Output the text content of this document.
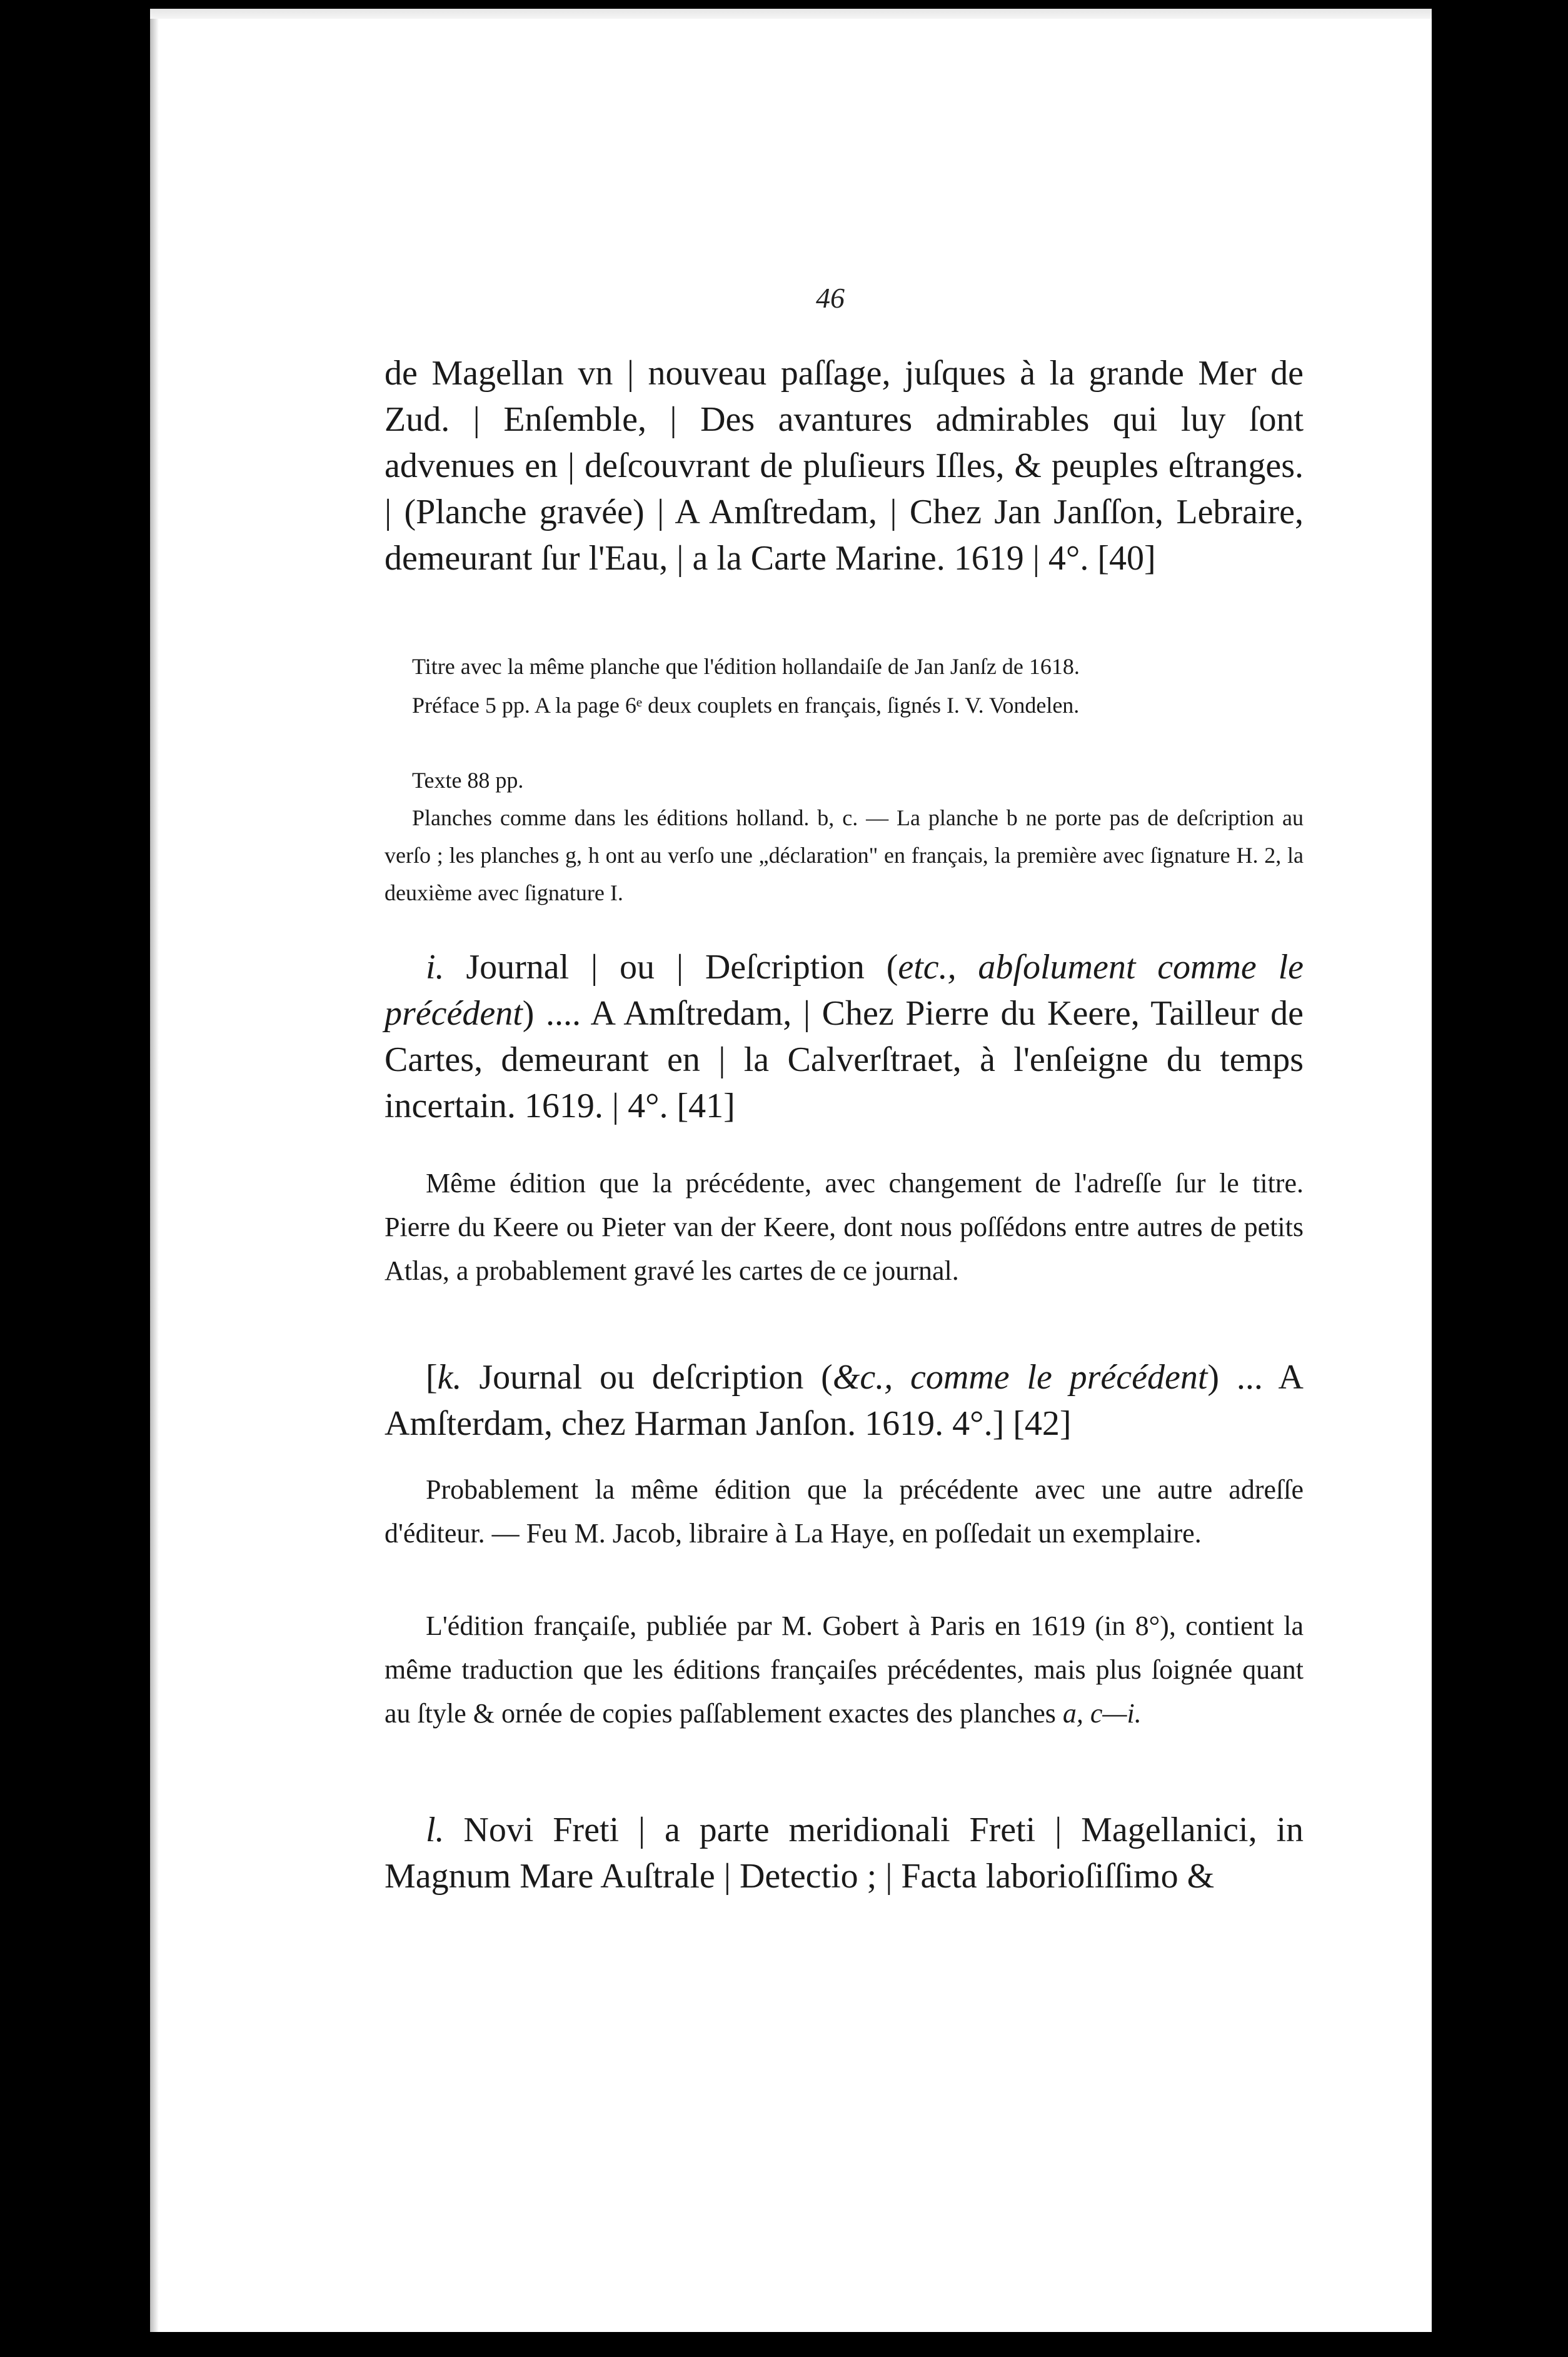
46

de Magellan vn | nouveau paſſage, juſques à la grande Mer de Zud. | Enſemble, | Des avantures admirables qui luy ſont advenues en | deſcouvrant de pluſieurs Iſles, & peuples eſtranges. | (Planche gravée) | A Amſtredam, | Chez Jan Janſſon, Lebraire, demeurant ſur l'Eau, | a la Carte Marine. 1619 | 4°. [40]

Titre avec la même planche que l'édition hollandaiſe de Jan Janſz de 1618.

Préface 5 pp. A la page 6ᵉ deux couplets en français, ſignés I. V. Vondelen.

Texte 88 pp.

Planches comme dans les éditions holland. b, c. — La planche b ne porte pas de deſcription au verſo ; les planches g, h ont au verſo une „déclaration" en français, la première avec ſignature H. 2, la deuxième avec ſignature I.

i. Journal | ou | Deſcription (etc., abſolument comme le précédent) .... A Amſtredam, | Chez Pierre du Keere, Tailleur de Cartes, demeurant en | la Calverſtraet, à l'enſeigne du temps incertain. 1619. | 4°. [41]

Même édition que la précédente, avec changement de l'adreſſe ſur le titre. Pierre du Keere ou Pieter van der Keere, dont nous poſſédons entre autres de petits Atlas, a probablement gravé les cartes de ce journal.

[k. Journal ou deſcription (&c., comme le précédent) ... A Amſterdam, chez Harman Janſon. 1619. 4°.] [42]

Probablement la même édition que la précédente avec une autre adreſſe d'éditeur. — Feu M. Jacob, libraire à La Haye, en poſſedait un exemplaire.

L'édition françaiſe, publiée par M. Gobert à Paris en 1619 (in 8°), contient la même traduction que les éditions françaiſes précédentes, mais plus ſoignée quant au ſtyle & ornée de copies paſſablement exactes des planches a, c—i.

l. Novi Freti | a parte meridionali Freti | Magellanici, in Magnum Mare Auſtrale | Detectio ; | Facta laborioſiſſimo &
